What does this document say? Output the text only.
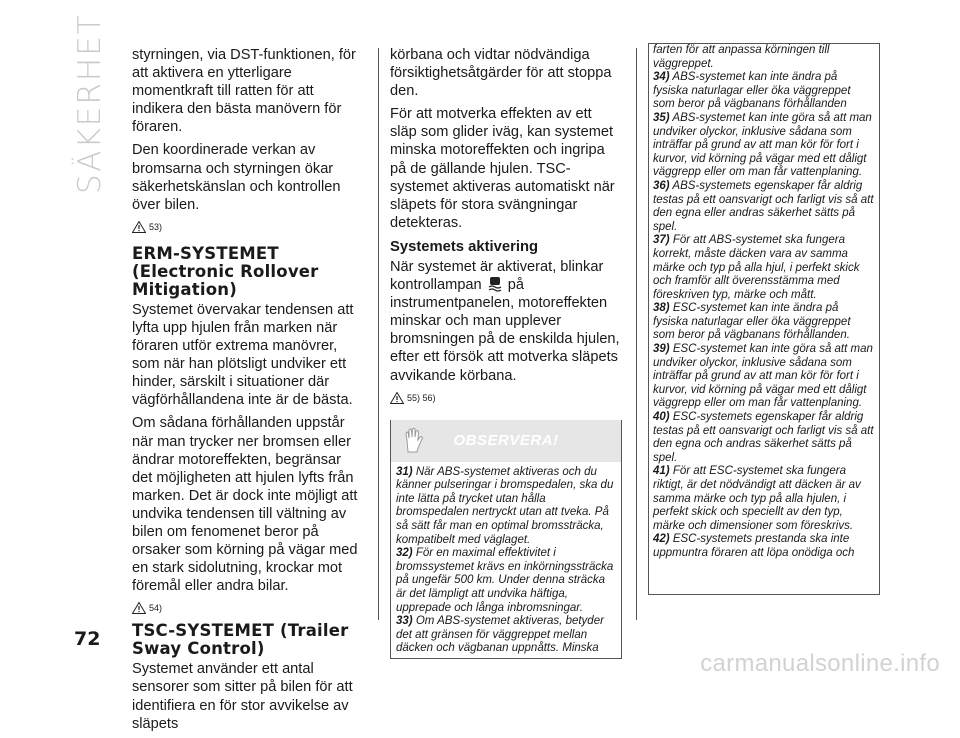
SÄKERHET styrningen, via DST-funktionen, för att aktivera en ytterligare momentkraft till ratten för att indikera den bästa manövern för föraren.

Den koordinerade verkan av bromsarna och styrningen ökar säkerhetskänslan och kontrollen över bilen.

53)
ERM-SYSTEMET (Electronic Rollover Mitigation)

Systemet övervakar tendensen att lyfta upp hjulen från marken när föraren utför extrema manövrer, som när han plötsligt undviker ett hinder, särskilt i situationer där vägförhållandena inte är de bästa.

Om sådana förhållanden uppstår när man trycker ner bromsen eller ändrar motoreffekten, begränsar det möjligheten att hjulen lyfts från marken. Det är dock inte möjligt att undvika tendensen till vältning av bilen om fenomenet beror på orsaker som körning på vägar med en stark sidolutning, krockar mot föremål eller andra bilar.

54)
TSC-SYSTEMET (Trailer Sway Control)

Systemet använder ett antal sensorer som sitter på bilen för att identifiera en för stor avvikelse av släpets

körbana och vidtar nödvändiga försiktighetsåtgärder för att stoppa den.

För att motverka effekten av ett släp som glider iväg, kan systemet minska motoreffekten och ingripa på de gällande hjulen. TSC-systemet aktiveras automatiskt när släpets för stora svängningar detekteras.

Systemets aktivering

När systemet är aktiverat, blinkar kontrollampan på instrumentpanelen, motoreffekten minskar och man upplever bromsningen på de enskilda hjulen, efter ett försök att motverka släpets avvikande körbana.

55) 56)
OBSERVERA!

31) När ABS-systemet aktiveras och du känner pulseringar i bromspedalen, ska du inte lätta på trycket utan hålla bromspedalen nertryckt utan att tveka. På så sätt får man en optimal bromssträcka, kompatibelt med väglaget.

32) För en maximal effektivitet i bromssystemet krävs en inkörningssträcka på ungefär 500 km. Under denna sträcka är det lämpligt att undvika häftiga, upprepade och långa inbromsningar.

33) Om ABS-systemet aktiveras, betyder det att gränsen för väggreppet mellan däcken och vägbanan uppnåtts. Minska

farten för att anpassa körningen till väggreppet.

34) ABS-systemet kan inte ändra på fysiska naturlagar eller öka väggreppet som beror på vägbanans förhållanden

35) ABS-systemet kan inte göra så att man undviker olyckor, inklusive sådana som inträffar på grund av att man kör för fort i kurvor, vid körning på vägar med ett dåligt väggrepp eller om man får vattenplaning.

36) ABS-systemets egenskaper får aldrig testas på ett oansvarigt och farligt vis så att den egna eller andras säkerhet sätts på spel.

37) För att ABS-systemet ska fungera korrekt, måste däcken vara av samma märke och typ på alla hjul, i perfekt skick och framför allt överensstämma med föreskriven typ, märke och mått.

38) ESC-systemet kan inte ändra på fysiska naturlagar eller öka väggreppet som beror på vägbanans förhållanden.

39) ESC-systemet kan inte göra så att man undviker olyckor, inklusive sådana som inträffar på grund av att man kör för fort i kurvor, vid körning på vägar med ett dåligt väggrepp eller om man får vattenplaning.

40) ESC-systemets egenskaper får aldrig testas på ett oansvarigt och farligt vis så att den egna och andras säkerhet sätts på spel.

41) För att ESC-systemet ska fungera riktigt, är det nödvändigt att däcken är av samma märke och typ på alla hjulen, i perfekt skick och speciellt av den typ, märke och dimensioner som föreskrivs.

42) ESC-systemets prestanda ska inte uppmuntra föraren att löpa onödiga och

72
carmanualsonline.info
